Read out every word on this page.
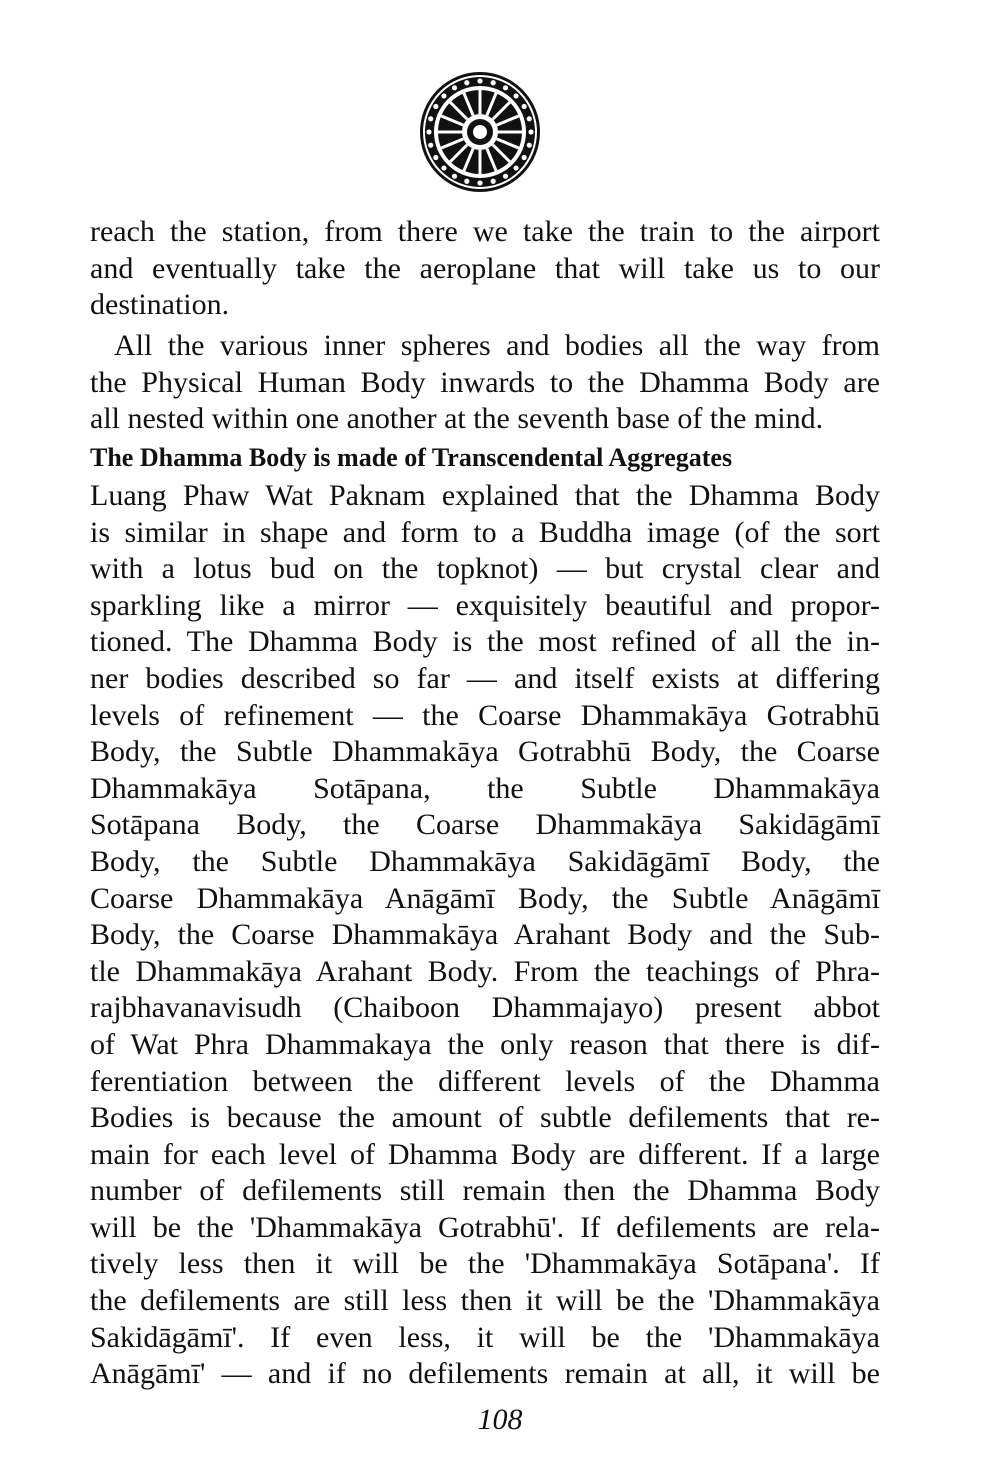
reach the station, from there we take the train to the airport
and eventually take the aeroplane that will take us to our
destination.
All the various inner spheres and bodies all the way from
the Physical Human Body inwards to the Dhamma Body are
all nested within one another at the seventh base of the mind.
The Dhamma Body is made of Transcendental Aggregates
Luang Phaw Wat Paknam explained that the Dhamma Body
is similar in shape and form to a Buddha image (of the sort
with a lotus bud on the topknot) — but crystal clear and
sparkling like a mirror — exquisitely beautiful and propor-
tioned. The Dhamma Body is the most refined of all the in-
ner bodies described so far — and itself exists at differing
levels of refinement — the Coarse Dhammakāya Gotrabhū
Body, the Subtle Dhammakāya Gotrabhū Body, the Coarse
Dhammakāya Sotāpana, the Subtle Dhammakāya
Sotāpana Body, the Coarse Dhammakāya Sakidāgāmī
Body, the Subtle Dhammakāya Sakidāgāmī Body, the
Coarse Dhammakāya Anāgāmī Body, the Subtle Anāgāmī
Body, the Coarse Dhammakāya Arahant Body and the Sub-
tle Dhammakāya Arahant Body. From the teachings of Phra-
rajbhavanavisudh (Chaiboon Dhammajayo) present abbot
of Wat Phra Dhammakaya the only reason that there is dif-
ferentiation between the different levels of the Dhamma
Bodies is because the amount of subtle defilements that re-
main for each level of Dhamma Body are different. If a large
number of defilements still remain then the Dhamma Body
will be the 'Dhammakāya Gotrabhū'. If defilements are rela-
tively less then it will be the 'Dhammakāya Sotāpana'. If
the defilements are still less then it will be the 'Dhammakāya
Sakidāgāmī'. If even less, it will be the 'Dhammakāya
Anāgāmī' — and if no defilements remain at all, it will be
108
